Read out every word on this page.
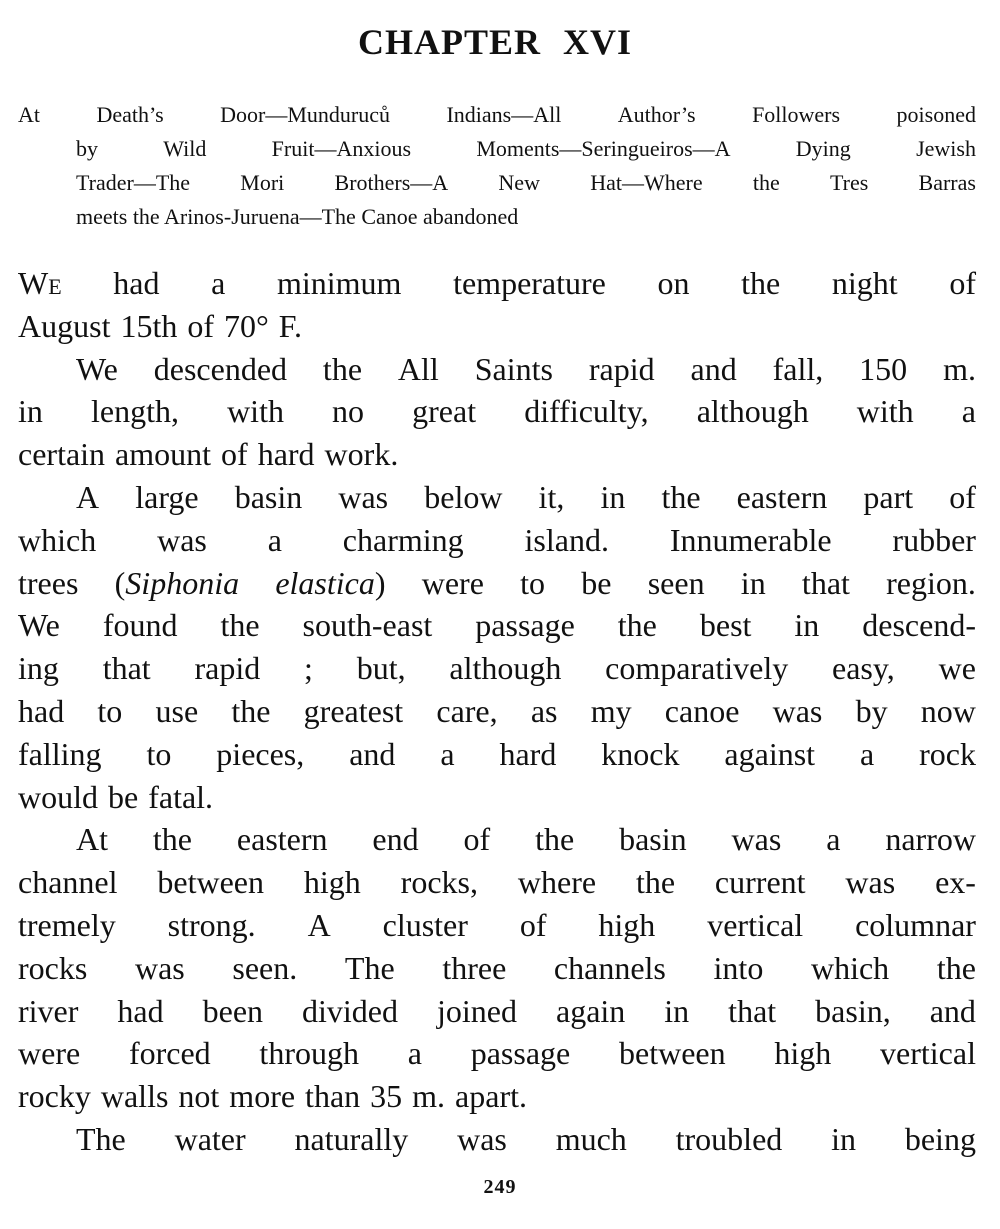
CHAPTER XVI
At	Death’s	Door—Munduruců	Indians—All	Author’s	Followers	poisoned
by	Wild	Fruit—Anxious	Moments—Seringueiros—A	Dying	Jewish
Trader—The Mori Brothers—A New Hat—Where the Tres Barras
meets the Arinos-Juruena—The Canoe abandoned
We had a minimum temperature on the night of
August 15th of 70° F.
We descended the All Saints rapid and fall, 150 m.
in length, with no great difficulty, although with a
certain amount of hard work.
A large basin was below it, in the eastern part of
which was a charming island. Innumerable rubber
trees (Siphonia elastica) were to be seen in that region.
We found the south-east passage the best in descend-
ing that rapid ; but, although comparatively easy, we
had to use the greatest care, as my canoe was by now
falling to pieces, and a hard knock against a rock
would be fatal.
At the eastern end of the basin was a narrow
channel between high rocks, where the current was ex-
tremely strong. A cluster of high vertical columnar
rocks was seen. The three channels into which the
river had been divided joined again in that basin, and
were forced through a passage between high vertical
rocky walls not more than 35 m. apart.
The water naturally was much troubled in being
249
